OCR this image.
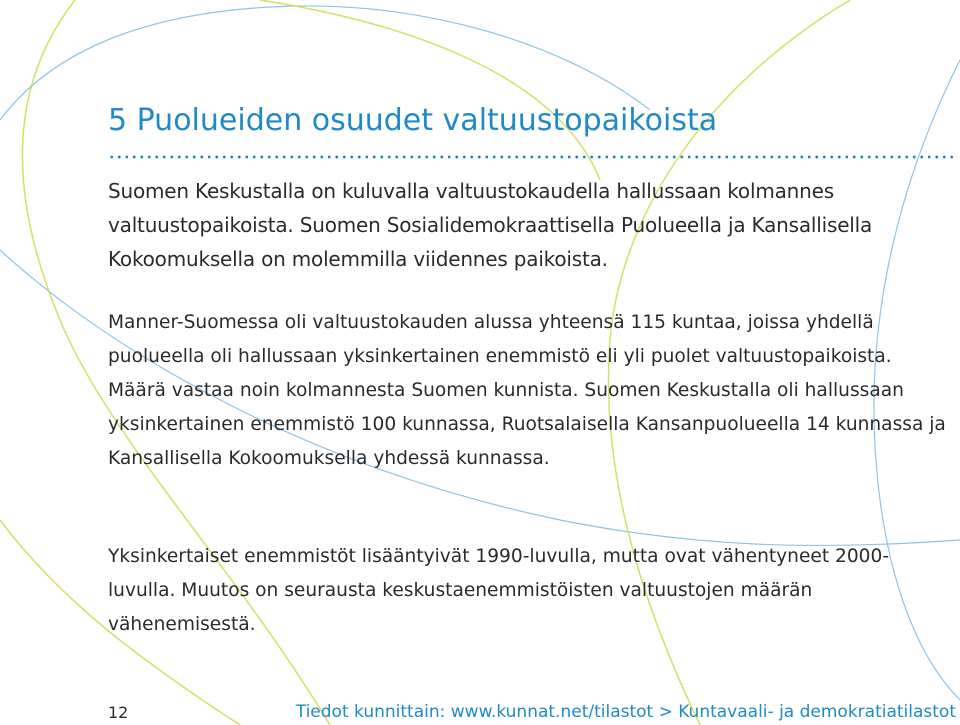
5 Puolueiden osuudet valtuustopaikoista

Suomen Keskustalla on kuluvalla valtuustokaudella hallussaan kolmannes valtuustopaikoista. Suomen Sosialidemokraattisella Puolueella ja Kansallisella Kokoomuksella on molemmilla viidennes paikoista.

Manner-Suomessa oli valtuustokauden alussa yhteensä 115 kuntaa, joissa yhdellä puolueella oli hallussaan yksinkertainen enemmistö eli yli puolet valtuustopaikoista. Määrä vastaa noin kolmannesta Suomen kunnista. Suomen Keskustalla oli hallussaan yksinkertainen enemmistö 100 kunnassa, Ruotsalaisella Kansanpuolueella 14 kunnassa ja Kansallisella Kokoomuksella yhdessä kunnassa.

Yksinkertaiset enemmistöt lisääntyivät 1990-luvulla, mutta ovat vähentyneet 2000-luvulla. Muutos on seurausta keskustaenemmistöisten valtuustojen määrän vähenemisestä.

12	Tiedot kunnittain: www.kunnat.net/tilastot > Kuntavaali- ja demokratiatilastot
